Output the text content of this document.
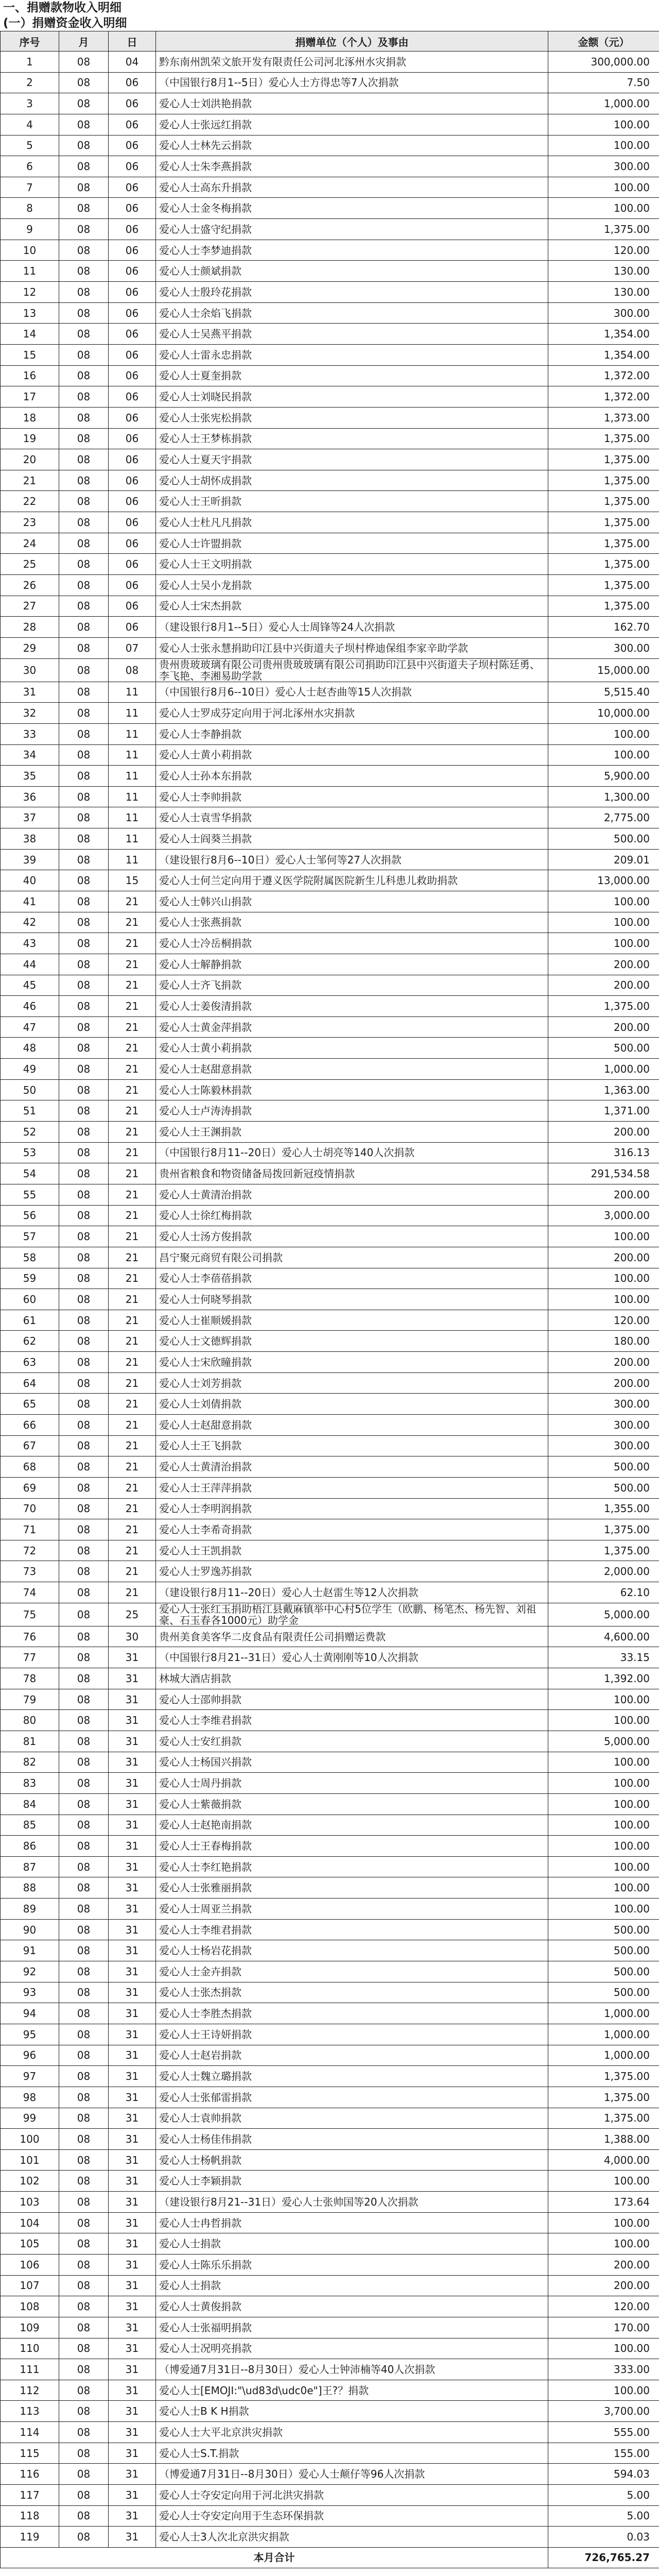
一、捐赠款物收入明细
(一）捐赠资金收入明细
序号	月	日	捐赠单位（个人）及事由	金额（元）
1	08	04	黔东南州凯荣文旅开发有限责任公司河北涿州水灾捐款	300,000.00
2	08	06	（中国银行8月1--5日）爱心人士方得忠等7人次捐款	7.50
3	08	06	爱心人士刘洪艳捐款	1,000.00
4	08	06	爱心人士张远红捐款	100.00
5	08	06	爱心人士林先云捐款	100.00
6	08	06	爱心人士朱李燕捐款	300.00
7	08	06	爱心人士高东升捐款	100.00
8	08	06	爱心人士金冬梅捐款	100.00
9	08	06	爱心人士盛守纪捐款	1,375.00
10	08	06	爱心人士李梦迪捐款	120.00
11	08	06	爱心人士颜斌捐款	130.00
12	08	06	爱心人士殷玲花捐款	130.00
13	08	06	爱心人士余焰飞捐款	300.00
14	08	06	爱心人士吴燕平捐款	1,354.00
15	08	06	爱心人士雷永忠捐款	1,354.00
16	08	06	爱心人士夏奎捐款	1,372.00
17	08	06	爱心人士刘晓民捐款	1,372.00
18	08	06	爱心人士张宪松捐款	1,373.00
19	08	06	爱心人士王梦栋捐款	1,375.00
20	08	06	爱心人士夏天宇捐款	1,375.00
21	08	06	爱心人士胡怀成捐款	1,375.00
22	08	06	爱心人士王昕捐款	1,375.00
23	08	06	爱心人士杜凡凡捐款	1,375.00
24	08	06	爱心人士许盟捐款	1,375.00
25	08	06	爱心人士王文明捐款	1,375.00
26	08	06	爱心人士吴小龙捐款	1,375.00
27	08	06	爱心人士宋杰捐款	1,375.00
28	08	06	（建设银行8月1--5日）爱心人士周锋等24人次捐款	162.70
29	08	07	爱心人士张永慧捐助印江县中兴街道夫子坝村桦迪保组李家辛助学款	300.00
30	08	08	贵州贵玻玻璃有限公司贵州贵玻玻璃有限公司捐助印江县中兴街道夫子坝村陈廷勇、李飞艳、李湘易助学款	15,000.00
31	08	11	（中国银行8月6--10日）爱心人士赵杏曲等15人次捐款	5,515.40
32	08	11	爱心人士罗成芬定向用于河北涿州水灾捐款	10,000.00
33	08	11	爱心人士李静捐款	100.00
34	08	11	爱心人士黄小莉捐款	100.00
35	08	11	爱心人士孙本东捐款	5,900.00
36	08	11	爱心人士李帅捐款	1,300.00
37	08	11	爱心人士袁雪华捐款	2,775.00
38	08	11	爱心人士阎葵兰捐款	500.00
39	08	11	（建设银行8月6--10日）爱心人士邹何等27人次捐款	209.01
40	08	15	爱心人士何兰定向用于遵义医学院附属医院新生儿科患儿救助捐款	13,000.00
41	08	21	爱心人士韩兴山捐款	100.00
42	08	21	爱心人士张燕捐款	100.00
43	08	21	爱心人士冷岳桐捐款	100.00
44	08	21	爱心人士解静捐款	200.00
45	08	21	爱心人士齐飞捐款	200.00
46	08	21	爱心人士姜俊清捐款	1,375.00
47	08	21	爱心人士黄金萍捐款	200.00
48	08	21	爱心人士黄小莉捐款	500.00
49	08	21	爱心人士赵甜意捐款	1,000.00
50	08	21	爱心人士陈毅林捐款	1,363.00
51	08	21	爱心人士卢涛涛捐款	1,371.00
52	08	21	爱心人士王渊捐款	200.00
53	08	21	（中国银行8月11--20日）爱心人士胡亮等140人次捐款	316.13
54	08	21	贵州省粮食和物资储备局拨回新冠疫情捐款	291,534.58
55	08	21	爱心人士黄清治捐款	200.00
56	08	21	爱心人士徐红梅捐款	3,000.00
57	08	21	爱心人士汤方俊捐款	100.00
58	08	21	昌宁聚元商贸有限公司捐款	200.00
59	08	21	爱心人士李蓓蓓捐款	100.00
60	08	21	爱心人士何晓琴捐款	100.00
61	08	21	爱心人士崔顺媛捐款	120.00
62	08	21	爱心人士文德辉捐款	180.00
63	08	21	爱心人士宋欣瞳捐款	200.00
64	08	21	爱心人士刘芳捐款	200.00
65	08	21	爱心人士刘倩捐款	300.00
66	08	21	爱心人士赵甜意捐款	300.00
67	08	21	爱心人士王飞捐款	300.00
68	08	21	爱心人士黄清治捐款	500.00
69	08	21	爱心人士王萍萍捐款	500.00
70	08	21	爱心人士李明润捐款	1,355.00
71	08	21	爱心人士李希奇捐款	1,375.00
72	08	21	爱心人士王凯捐款	1,375.00
73	08	21	爱心人士罗逸苏捐款	2,000.00
74	08	21	（建设银行8月11--20日）爱心人士赵雷生等12人次捐款	62.10
75	08	25	爱心人士张红玉捐助梧江县戴麻镇举中心村5位学生（欧鹏、杨笔杰、杨先智、刘祖豪、石玉春各1000元）助学金	5,000.00
76	08	30	贵州美食美客华二皮食品有限责任公司捐赠运费款	4,600.00
77	08	31	（中国银行8月21--31日）爱心人士黄刚刚等10人次捐款	33.15
78	08	31	林城大酒店捐款	1,392.00
79	08	31	爱心人士邵帅捐款	100.00
80	08	31	爱心人士李维君捐款	100.00
81	08	31	爱心人士安红捐款	5,000.00
82	08	31	爱心人士杨国兴捐款	100.00
83	08	31	爱心人士周丹捐款	100.00
84	08	31	爱心人士紫薇捐款	100.00
85	08	31	爱心人士赵艳南捐款	100.00
86	08	31	爱心人士王春梅捐款	100.00
87	08	31	爱心人士李红艳捐款	100.00
88	08	31	爱心人士张雅丽捐款	100.00
89	08	31	爱心人士周亚兰捐款	100.00
90	08	31	爱心人士李维君捐款	500.00
91	08	31	爱心人士杨岩花捐款	500.00
92	08	31	爱心人士金卉捐款	500.00
93	08	31	爱心人士张杰捐款	500.00
94	08	31	爱心人士李胜杰捐款	1,000.00
95	08	31	爱心人士王诗妍捐款	1,000.00
96	08	31	爱心人士赵岩捐款	1,000.00
97	08	31	爱心人士魏立璐捐款	1,375.00
98	08	31	爱心人士张郁雷捐款	1,375.00
99	08	31	爱心人士袁帅捐款	1,375.00
100	08	31	爱心人士杨佳伟捐款	1,388.00
101	08	31	爱心人士杨帆捐款	4,000.00
102	08	31	爱心人士李颖捐款	100.00
103	08	31	（建设银行8月21--31日）爱心人士张帅国等20人次捐款	173.64
104	08	31	爱心人士冉哲捐款	100.00
105	08	31	爱心人士捐款	100.00
106	08	31	爱心人士陈乐乐捐款	200.00
107	08	31	爱心人士捐款	200.00
108	08	31	爱心人士黄俊捐款	120.00
109	08	31	爱心人士张福明捐款	170.00
110	08	31	爱心人士况明亮捐款	100.00
111	08	31	（博爱通7月31日--8月30日）爱心人士钟沛楠等40人次捐款	333.00
112	08	31	爱心人士[EMOJI:"\ud83d\udc0e"]王?？捐款	100.00
113	08	31	爱心人士B K H捐款	3,700.00
114	08	31	爱心人士大平北京洪灾捐款	555.00
115	08	31	爱心人士S.T.捐款	155.00
116	08	31	（博爱通7月31日--8月30日）爱心人士颠仔等96人次捐款	594.03
117	08	31	爱心人士夺安定向用于河北洪灾捐款	5.00
118	08	31	爱心人士夺安定向用于生态环保捐款	5.00
119	08	31	爱心人士3人次北京洪灾捐款	0.03
本月合计				726,765.27
